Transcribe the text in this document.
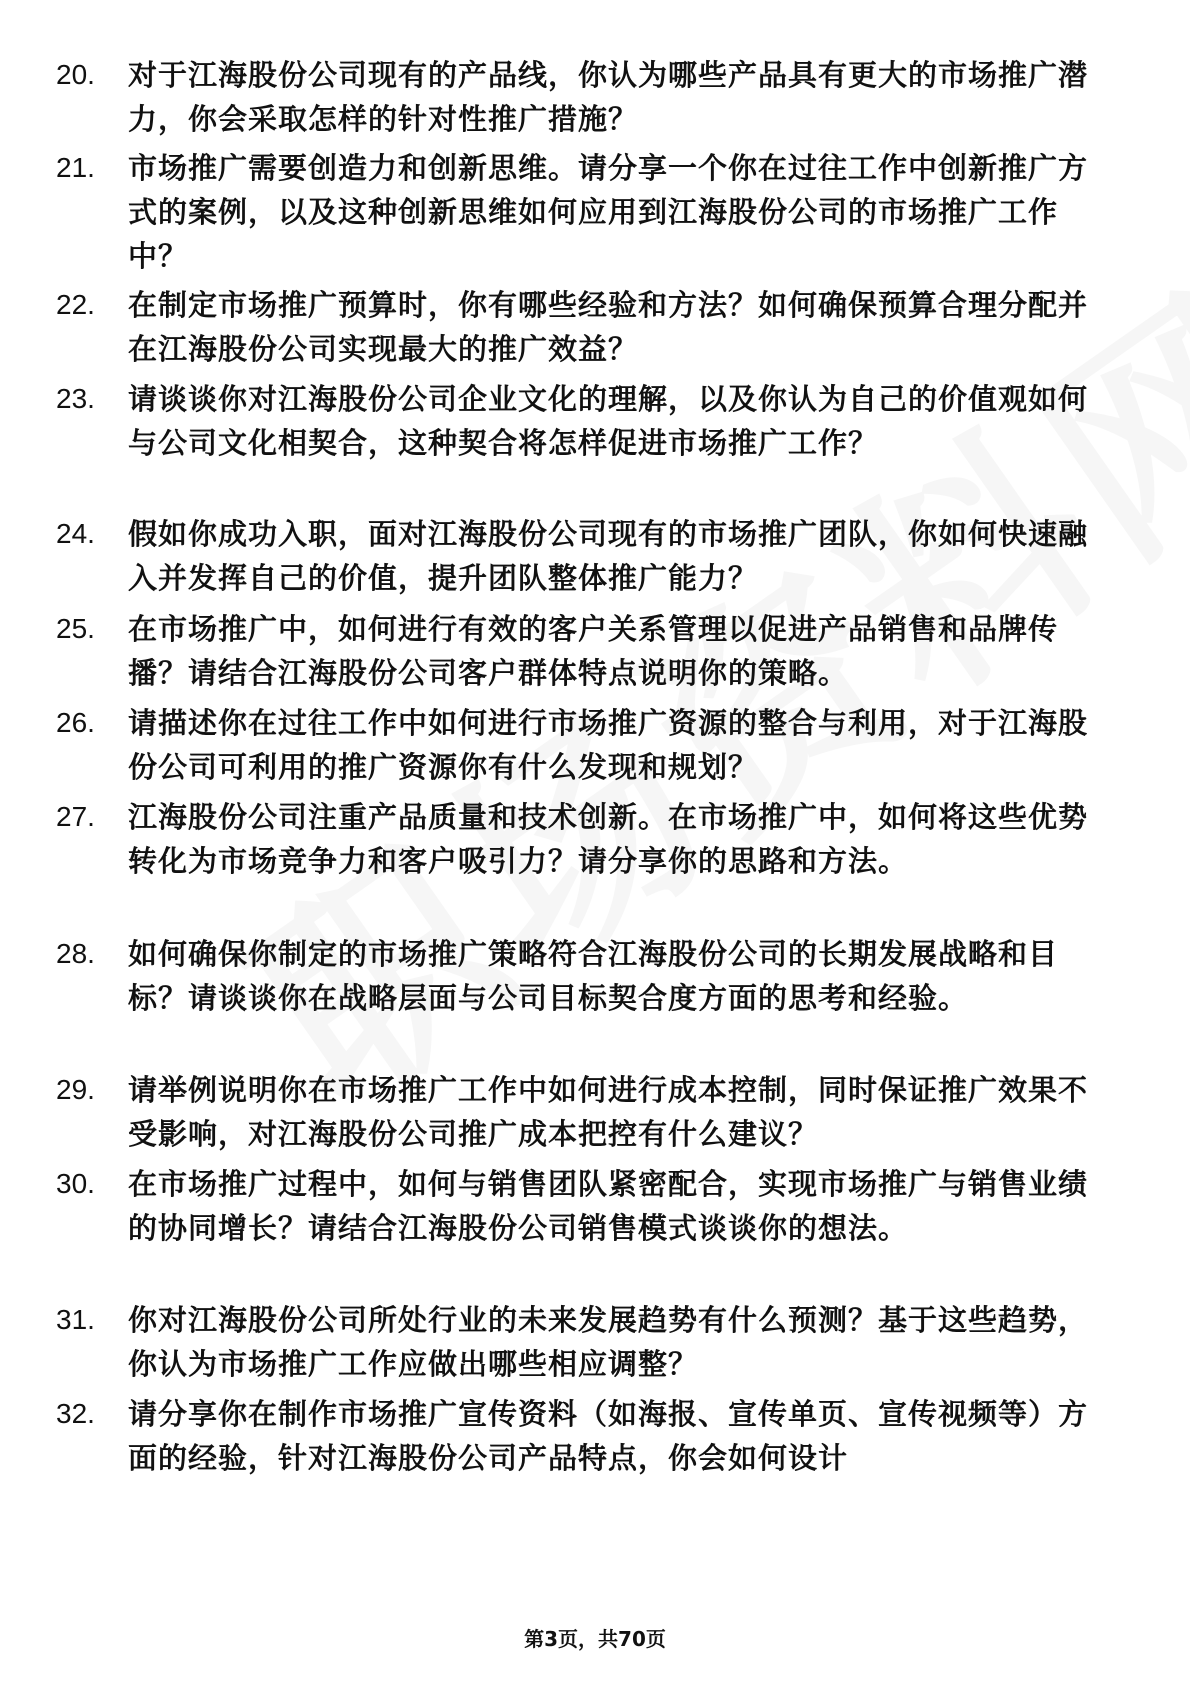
20.	对于江海股份公司现有的产品线，你认为哪些产品具有更大的市场推广潜力，你会采取怎样的针对性推广措施？
21.	市场推广需要创造力和创新思维。请分享一个你在过往工作中创新推广方式的案例，以及这种创新思维如何应用到江海股份公司的市场推广工作中？
22.	在制定市场推广预算时，你有哪些经验和方法？如何确保预算合理分配并在江海股份公司实现最大的推广效益？
23.	请谈谈你对江海股份公司企业文化的理解，以及你认为自己的价值观如何与公司文化相契合，这种契合将怎样促进市场推广工作？
24.	假如你成功入职，面对江海股份公司现有的市场推广团队，你如何快速融入并发挥自己的价值，提升团队整体推广能力？
25.	在市场推广中，如何进行有效的客户关系管理以促进产品销售和品牌传播？请结合江海股份公司客户群体特点说明你的策略。
26.	请描述你在过往工作中如何进行市场推广资源的整合与利用，对于江海股份公司可利用的推广资源你有什么发现和规划？
27.	江海股份公司注重产品质量和技术创新。在市场推广中，如何将这些优势转化为市场竞争力和客户吸引力？请分享你的思路和方法。
28.	如何确保你制定的市场推广策略符合江海股份公司的长期发展战略和目标？请谈谈你在战略层面与公司目标契合度方面的思考和经验。
29.	请举例说明你在市场推广工作中如何进行成本控制，同时保证推广效果不受影响，对江海股份公司推广成本把控有什么建议？
30.	在市场推广过程中，如何与销售团队紧密配合，实现市场推广与销售业绩的协同增长？请结合江海股份公司销售模式谈谈你的想法。
31.	你对江海股份公司所处行业的未来发展趋势有什么预测？基于这些趋势，你认为市场推广工作应做出哪些相应调整？
32.	请分享你在制作市场推广宣传资料（如海报、宣传单页、宣传视频等）方面的经验，针对江海股份公司产品特点，你会如何设计
第3页，共70页
